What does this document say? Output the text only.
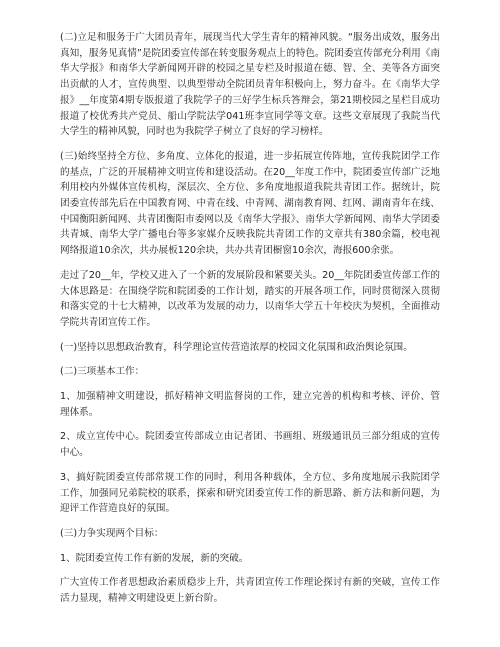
(二)立足和服务于广大团员青年，展现当代大学生青年的精神风貌。“服务出成效，服务出真知，服务见真情”是院团委宣传部在转变服务观点上的特色。院团委宣传部充分利用《南华大学报》和南华大学新闻网开辟的校园之星专栏及时报道在德、智、全、美等各方面突出贡献的人才，宣传典型、以典型带动全院团员青年积极向上，努力奋斗。在《南华大学报》__年度第4期专版报道了我院学子的三好学生标兵答辩会，第21期校园之星栏目成功报道了校优秀共产党员、船山学院法学041班李宣同学等文章。这些文章展现了我院当代大学生的精神风貌，同时也为我院学子树立了良好的学习榜样。

(三)始终坚持全方位、多角度、立体化的报道，进一步拓展宣传阵地，宣传我院团学工作的基点，广泛的开展精神文明宣传和建设活动。在20__年度工作中，院团委宣传部广泛地利用校内外媒体宣传机构，深层次、全方位、多角度地报道我院共青团工作。据统计，院团委宣传部先后在中国教育网、中青在线、中青网、湖南教育网、红网、湖南青年在线、中国衡阳新闻网、共青团衡阳市委网以及《南华大学报》、南华大学新闻网、南华大学团委共青城、南华大学广播电台等多家媒介反映我院共青团工作的文章共有380余篇，校电视网络报道10余次，共办展板120余块，共办共青团橱窗10余次，海报600余张。

走过了20__年，学校又进入了一个新的发展阶段和紧要关头。20__年院团委宣传部工作的大体思路是：在围绕学院和院团委的工作计划，踏实的开展各项工作，同时贯彻深入贯彻和落实党的十七大精神，以改革为发展的动力，以南华大学五十年校庆为契机，全面推动学院共青团宣传工作。

(一)坚持以思想政治教育，科学理论宣传营造浓厚的校园文化氛围和政治舆论氛围。

(二)三项基本工作：

1、加强精神文明建设，抓好精神文明监督岗的工作，建立完善的机构和考核、评价、管理体系。

2、成立宣传中心。院团委宣传部成立由记者团、书画组、班级通讯员三部分组成的宣传中心。

3、搞好院团委宣传部常规工作的同时，利用各种载体，全方位、多角度地展示我院团学工作，加强同兄弟院校的联系，探索和研究团委宣传工作的新思路、新方法和新问题，为迎评工作营造良好的氛围。

(三)力争实现两个目标：

1、院团委宣传工作有新的发展，新的突破。

广大宣传工作者思想政治素质稳步上升，共青团宣传工作理论探讨有新的突破，宣传工作活力显现，精神文明建设更上新台阶。
